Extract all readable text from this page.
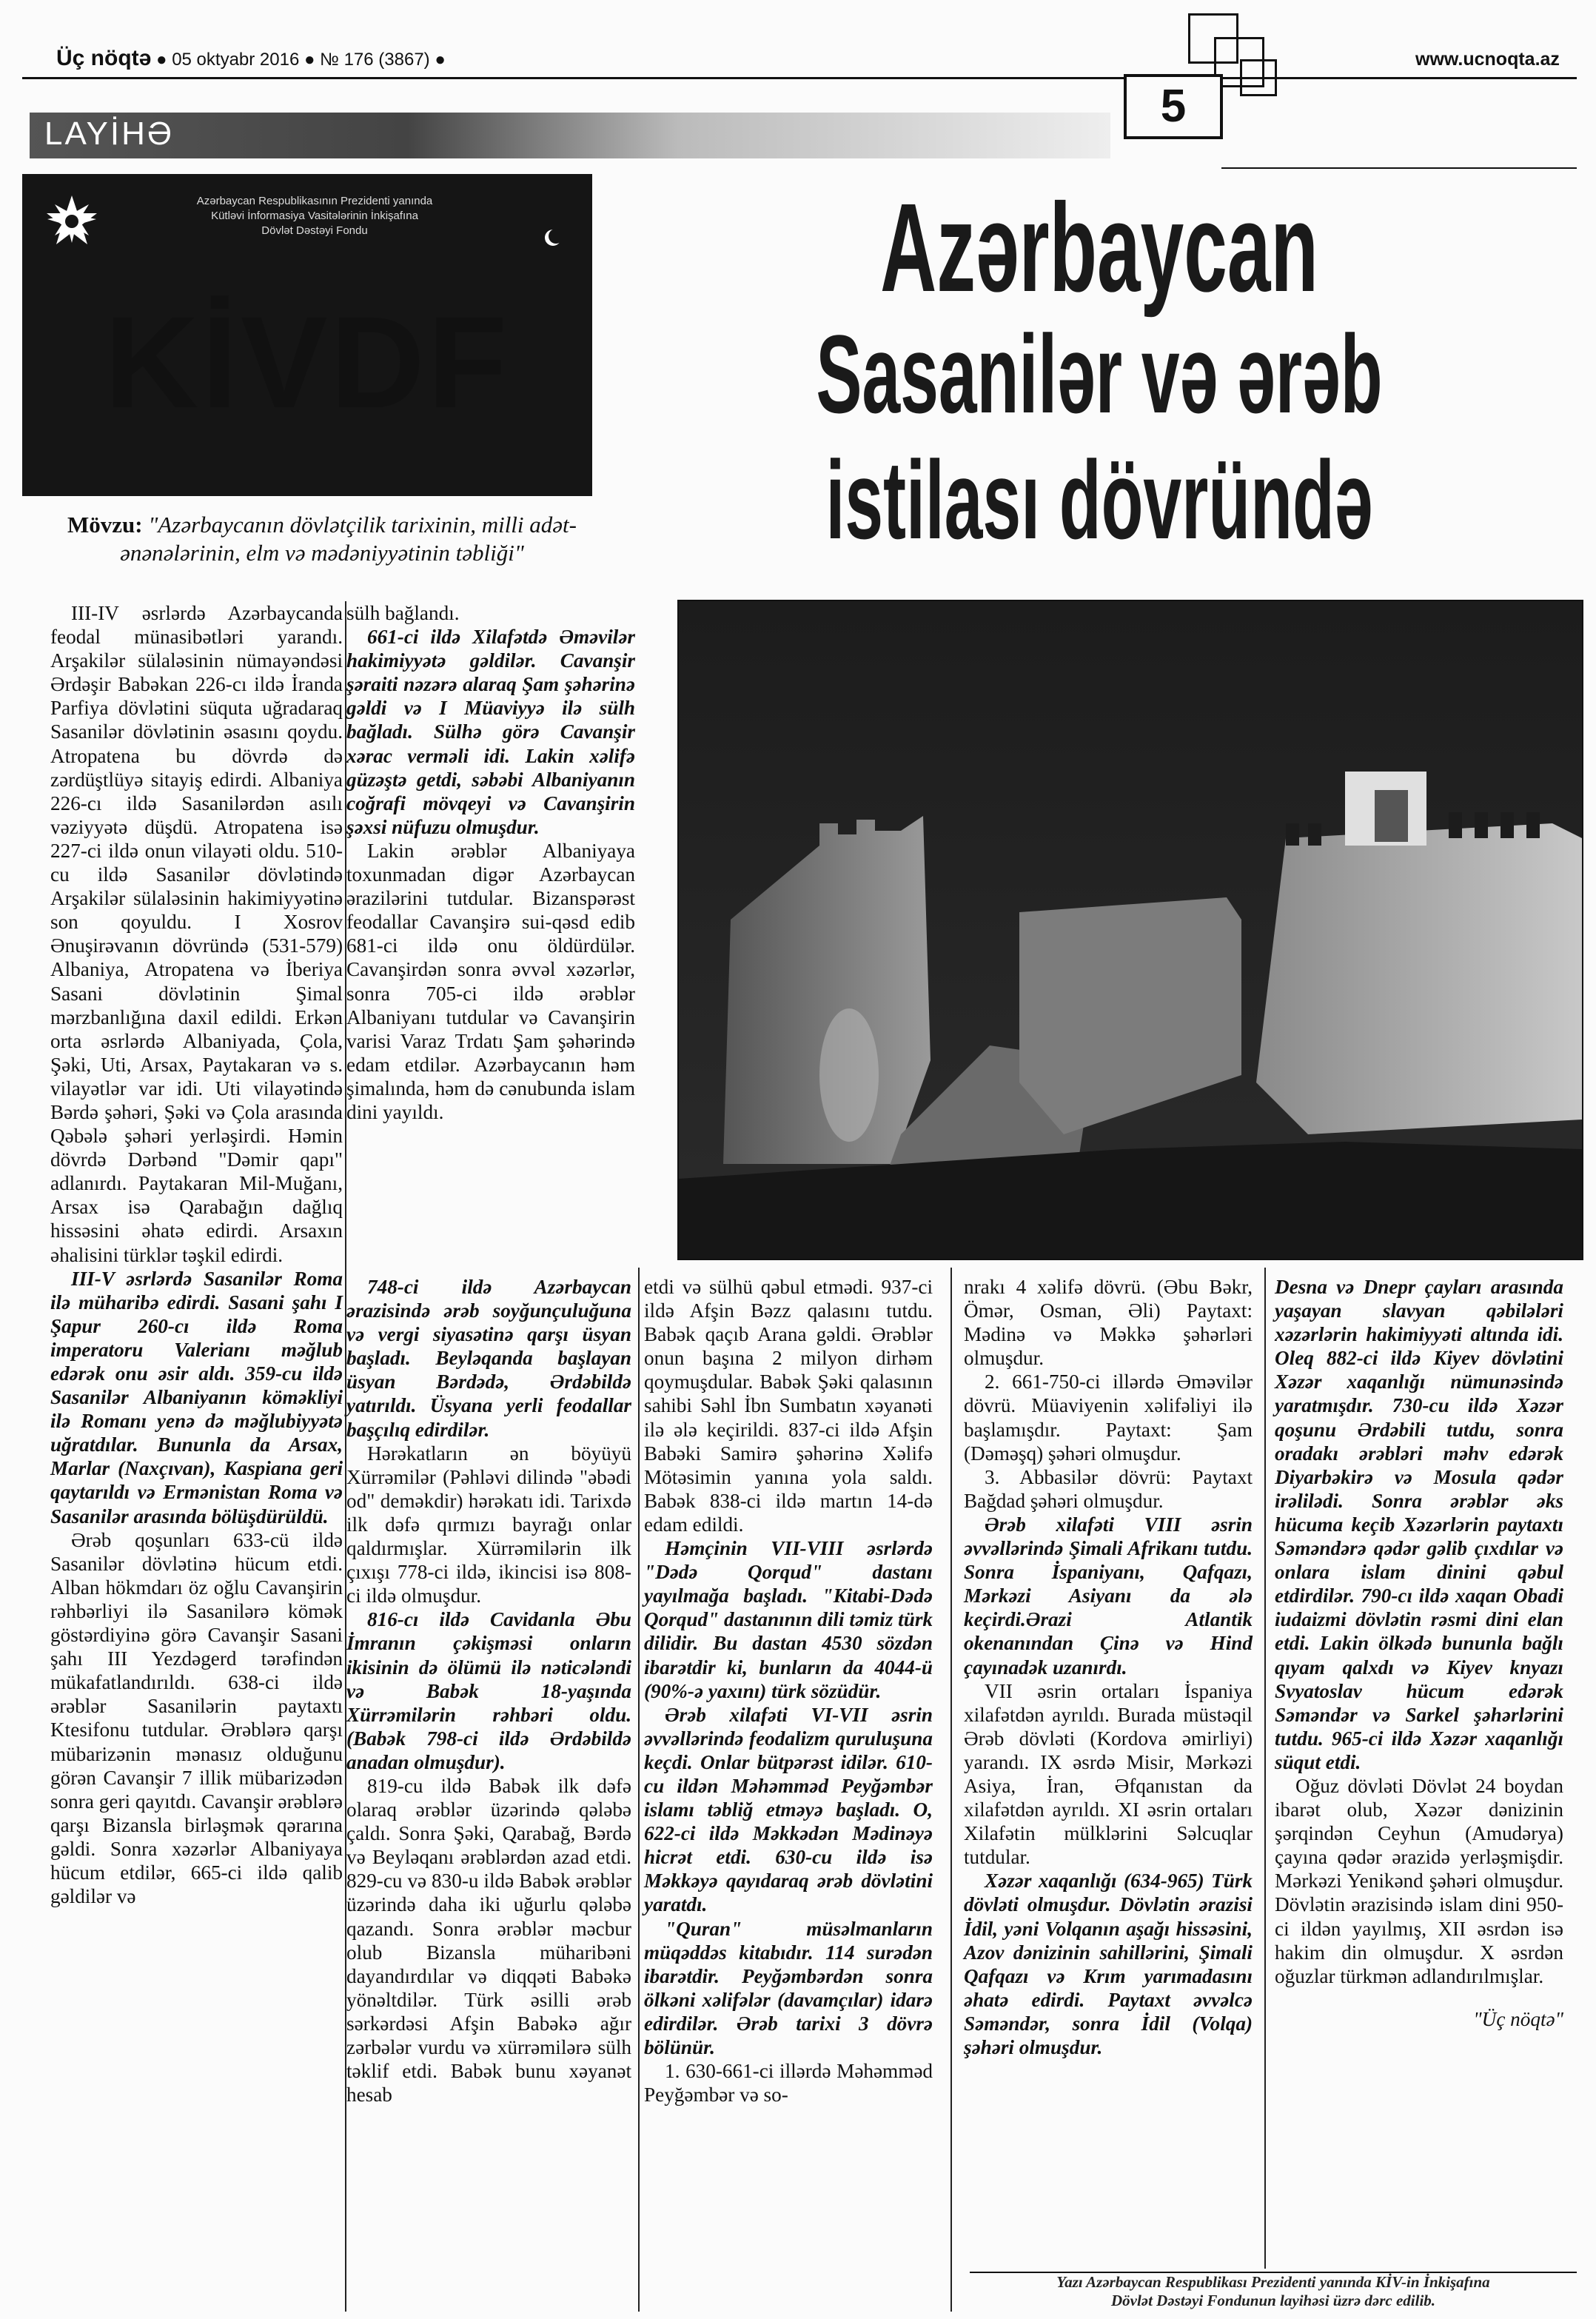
Üç nöqtə ● 05 oktyabr 2016 ● № 176 (3867) ●	www.ucnoqta.az
5
LAYİHƏ
Azərbaycan Respublikasının Prezidenti yanında
Kütləvi İnformasiya Vasitələrinin İnkişafına
Dövlət Dəstəyi Fondu
KİVDF
Mövzu: "Azərbaycanın dövlətçilik tarixinin, milli adət-ənənələrinin, elm və mədəniyyətinin təbliği"
Azərbaycan
Sasanilər və ərəb
istilası dövründə

III-IV əsrlərdə Azərbaycanda feodal münasibətləri yarandı. Arşakilər sülaləsinin nümayəndəsi Ərdəşir Babəkan 226-cı ildə İranda Parfiya dövlətini süquta uğradaraq Sasanilər dövlətinin əsasını qoydu. Atropatena bu dövrdə də zərdüştlüyə sitayiş edirdi. Albaniya 226-cı ildə Sasanilərdən asılı vəziyyətə düşdü. Atropatena isə 227-ci ildə onun vilayəti oldu. 510-cu ildə Sasanilər dövlətində Arşakilər sülaləsinin hakimiyyətinə son qoyuldu. I Xosrov Ənuşirəvanın dövründə (531-579) Albaniya, Atropatena və İberiya Sasani dövlətinin Şimal mərzbanlığına daxil edildi. Erkən orta əsrlərdə Albaniyada, Çola, Şəki, Uti, Arsax, Paytakaran və s. vilayətlər var idi. Uti vilayətində Bərdə şəhəri, Şəki və Çola arasında Qəbələ şəhəri yerləşirdi. Həmin dövrdə Dərbənd "Dəmir qapı" adlanırdı. Paytakaran Mil-Muğanı, Arsax isə Qarabağın dağlıq hissəsini əhatə edirdi. Arsaxın əhalisini türklər təşkil edirdi.

III-V əsrlərdə Sasanilər Roma ilə müharibə edirdi. Sasani şahı I Şapur 260-cı ildə Roma imperatoru Valerianı məğlub edərək onu əsir aldı. 359-cu ildə Sasanilər Albaniyanın köməkliyi ilə Romanı yenə də məğlubiyyətə uğratdılar. Bununla da Arsax, Marlar (Naxçıvan), Kaspiana geri qaytarıldı və Ermənistan Roma və Sasanilər arasında bölüşdürüldü.

Ərəb qoşunları 633-cü ildə Sasanilər dövlətinə hücum etdi. Alban hökmdarı öz oğlu Cavanşirin rəhbərliyi ilə Sasanilərə kömək göstərdiyinə görə Cavanşir Sasani şahı III Yezdəgerd tərəfindən mükafatlandırıldı. 638-ci ildə ərəblər Sasanilərin paytaxtı Ktesifonu tutdular. Ərəblərə qarşı mübarizənin mənasız olduğunu görən Cavanşir 7 illik mübarizədən sonra geri qayıtdı. Cavanşir ərəblərə qarşı Bizansla birləşmək qərarına gəldi. Sonra xəzərlər Albaniyaya hücum etdilər, 665-ci ildə qalib gəldilər və

sülh bağlandı.

661-ci ildə Xilafətdə Əməvilər hakimiyyətə gəldilər. Cavanşir şəraiti nəzərə alaraq Şam şəhərinə gəldi və I Müaviyyə ilə sülh bağladı. Sülhə görə Cavanşir xərac verməli idi. Lakin xəlifə güzəştə getdi, səbəbi Albaniyanın coğrafi mövqeyi və Cavanşirin şəxsi nüfuzu olmuşdur.

Lakin ərəblər Albaniyaya toxunmadan digər Azərbaycan ərazilərini tutdular. Bizanspərəst feodallar Cavanşirə sui-qəsd edib 681-ci ildə onu öldürdülər. Cavanşirdən sonra əvvəl xəzərlər, sonra 705-ci ildə ərəblər Albaniyanı tutdular və Cavanşirin varisi Varaz Trdatı Şam şəhərində edam etdilər. Azərbaycanın həm şimalında, həm də cənubunda islam dini yayıldı.

748-ci ildə Azərbaycan ərazisində ərəb soyğunçuluğuna və vergi siyasətinə qarşı üsyan başladı. Beyləqanda başlayan üsyan Bərdədə, Ərdəbildə yatırıldı. Üsyana yerli feodallar başçılıq edirdilər.

Hərəkatların ən böyüyü Xürrəmilər (Pəhləvi dilində "əbədi od" deməkdir) hərəkatı idi. Tarixdə ilk dəfə qırmızı bayrağı onlar qaldırmışlar. Xürrəmilərin ilk çıxışı 778-ci ildə, ikincisi isə 808-ci ildə olmuşdur.

816-cı ildə Cavidanla Əbu İmranın çəkişməsi onların ikisinin də ölümü ilə nəticələndi və Babək 18-yaşında Xürrəmilərin rəhbəri oldu. (Babək 798-ci ildə Ərdəbildə anadan olmuşdur).

819-cu ildə Babək ilk dəfə olaraq ərəblər üzərində qələbə çaldı. Sonra Şəki, Qarabağ, Bərdə və Beyləqanı ərəblərdən azad etdi. 829-cu və 830-u ildə Babək ərəblər üzərində daha iki uğurlu qələbə qazandı. Sonra ərəblər məcbur olub Bizansla müharibəni dayandırdılar və diqqəti Babəkə yönəltdilər. Türk əsilli ərəb sərkərdəsi Afşin Babəkə ağır zərbələr vurdu və xürrəmilərə sülh təklif etdi. Babək bunu xəyanət hesab

etdi və sülhü qəbul etmədi. 937-ci ildə Afşin Bəzz qalasını tutdu. Babək qaçıb Arana gəldi. Ərəblər onun başına 2 milyon dirhəm qoymuşdular. Babək Şəki qalasının sahibi Səhl İbn Sumbatın xəyanəti ilə ələ keçirildi. 837-ci ildə Afşin Babəki Samirə şəhərinə Xəlifə Mötəsimin yanına yola saldı. Babək 838-ci ildə martın 14-də edam edildi.

Həmçinin VII-VIII əsrlərdə "Dədə Qorqud" dastanı yayılmağa başladı. "Kitabi-Dədə Qorqud" dastanının dili təmiz türk dilidir. Bu dastan 4530 sözdən ibarətdir ki, bunların da 4044-ü (90%-ə yaxını) türk sözüdür.

Ərəb xilafəti VI-VII əsrin əvvəllərində feodalizm quruluşuna keçdi. Onlar bütpərəst idilər. 610-cu ildən Məhəmməd Peyğəmbər islamı təbliğ etməyə başladı. O, 622-ci ildə Məkkədən Mədinəyə hicrət etdi. 630-cu ildə isə Məkkəyə qayıdaraq ərəb dövlətini yaratdı.

"Quran" müsəlmanların müqəddəs kitabıdır. 114 surədən ibarətdir. Peyğəmbərdən sonra ölkəni xəlifələr (davamçılar) idarə edirdilər. Ərəb tarixi 3 dövrə bölünür.

1. 630-661-ci illərdə Məhəmməd Peyğəmbər və so-

nrakı 4 xəlifə dövrü. (Əbu Bəkr, Ömər, Osman, Əli) Paytaxt: Mədinə və Məkkə şəhərləri olmuşdur.

2. 661-750-ci illərdə Əməvilər dövrü. Müaviyenin xəlifəliyi ilə başlamışdır. Paytaxt: Şam (Dəməşq) şəhəri olmuşdur.

3. Abbasilər dövrü: Paytaxt Bağdad şəhəri olmuşdur.

Ərəb xilafəti VIII əsrin əvvəllərində Şimali Afrikanı tutdu. Sonra İspaniyanı, Qafqazı, Mərkəzi Asiyanı da ələ keçirdi.Ərazi Atlantik okenanından Çinə və Hind çayınadək uzanırdı.

VII əsrin ortaları İspaniya xilafətdən ayrıldı. Burada müstəqil Ərəb dövləti (Kordova əmirliyi) yarandı. IX əsrdə Misir, Mərkəzi Asiya, İran, Əfqanıstan da xilafətdən ayrıldı. XI əsrin ortaları Xilafətin mülklərini Səlcuqlar tutdular.

Xəzər xaqanlığı (634-965) Türk dövləti olmuşdur. Dövlətin ərazisi İdil, yəni Volqanın aşağı hissəsini, Azov dənizinin sahillərini, Şimali Qafqazı və Krım yarımadasını əhatə edirdi. Paytaxt əvvəlcə Səməndər, sonra İdil (Volqa) şəhəri olmuşdur.

Desna və Dnepr çayları arasında yaşayan slavyan qəbilələri xəzərlərin hakimiyyəti altında idi. Oleq 882-ci ildə Kiyev dövlətini Xəzər xaqanlığı nümunəsində yaratmışdır. 730-cu ildə Xəzər qoşunu Ərdəbili tutdu, sonra oradakı ərəbləri məhv edərək Diyarbəkirə və Mosula qədər irəlilədi. Sonra ərəblər əks hücuma keçib Xəzərlərin paytaxtı Səməndərə qədər gəlib çıxdılar və onlara islam dinini qəbul etdirdilər. 790-cı ildə xaqan Obadi iudaizmi dövlətin rəsmi dini elan etdi. Lakin ölkədə bununla bağlı qıyam qalxdı və Kiyev knyazı Svyatoslav hücum edərək Səməndər və Sarkel şəhərlərini tutdu. 965-ci ildə Xəzər xaqanlığı süqut etdi.

Oğuz dövləti Dövlət 24 boydan ibarət olub, Xəzər dənizinin şərqindən Ceyhun (Amudərya) çayına qədər ərazidə yerləşmişdir. Mərkəzi Yenikənd şəhəri olmuşdur. Dövlətin ərazisində islam dini 950-ci ildən yayılmış, XII əsrdən isə hakim din olmuşdur. X əsrdən oğuzlar türkmən adlandırılmışlar.

"Üç nöqtə"

Yazı Azərbaycan Respublikası Prezidenti yanında KİV-in İnkişafına
Dövlət Dəstəyi Fondunun layihəsi üzrə dərc edilib.
